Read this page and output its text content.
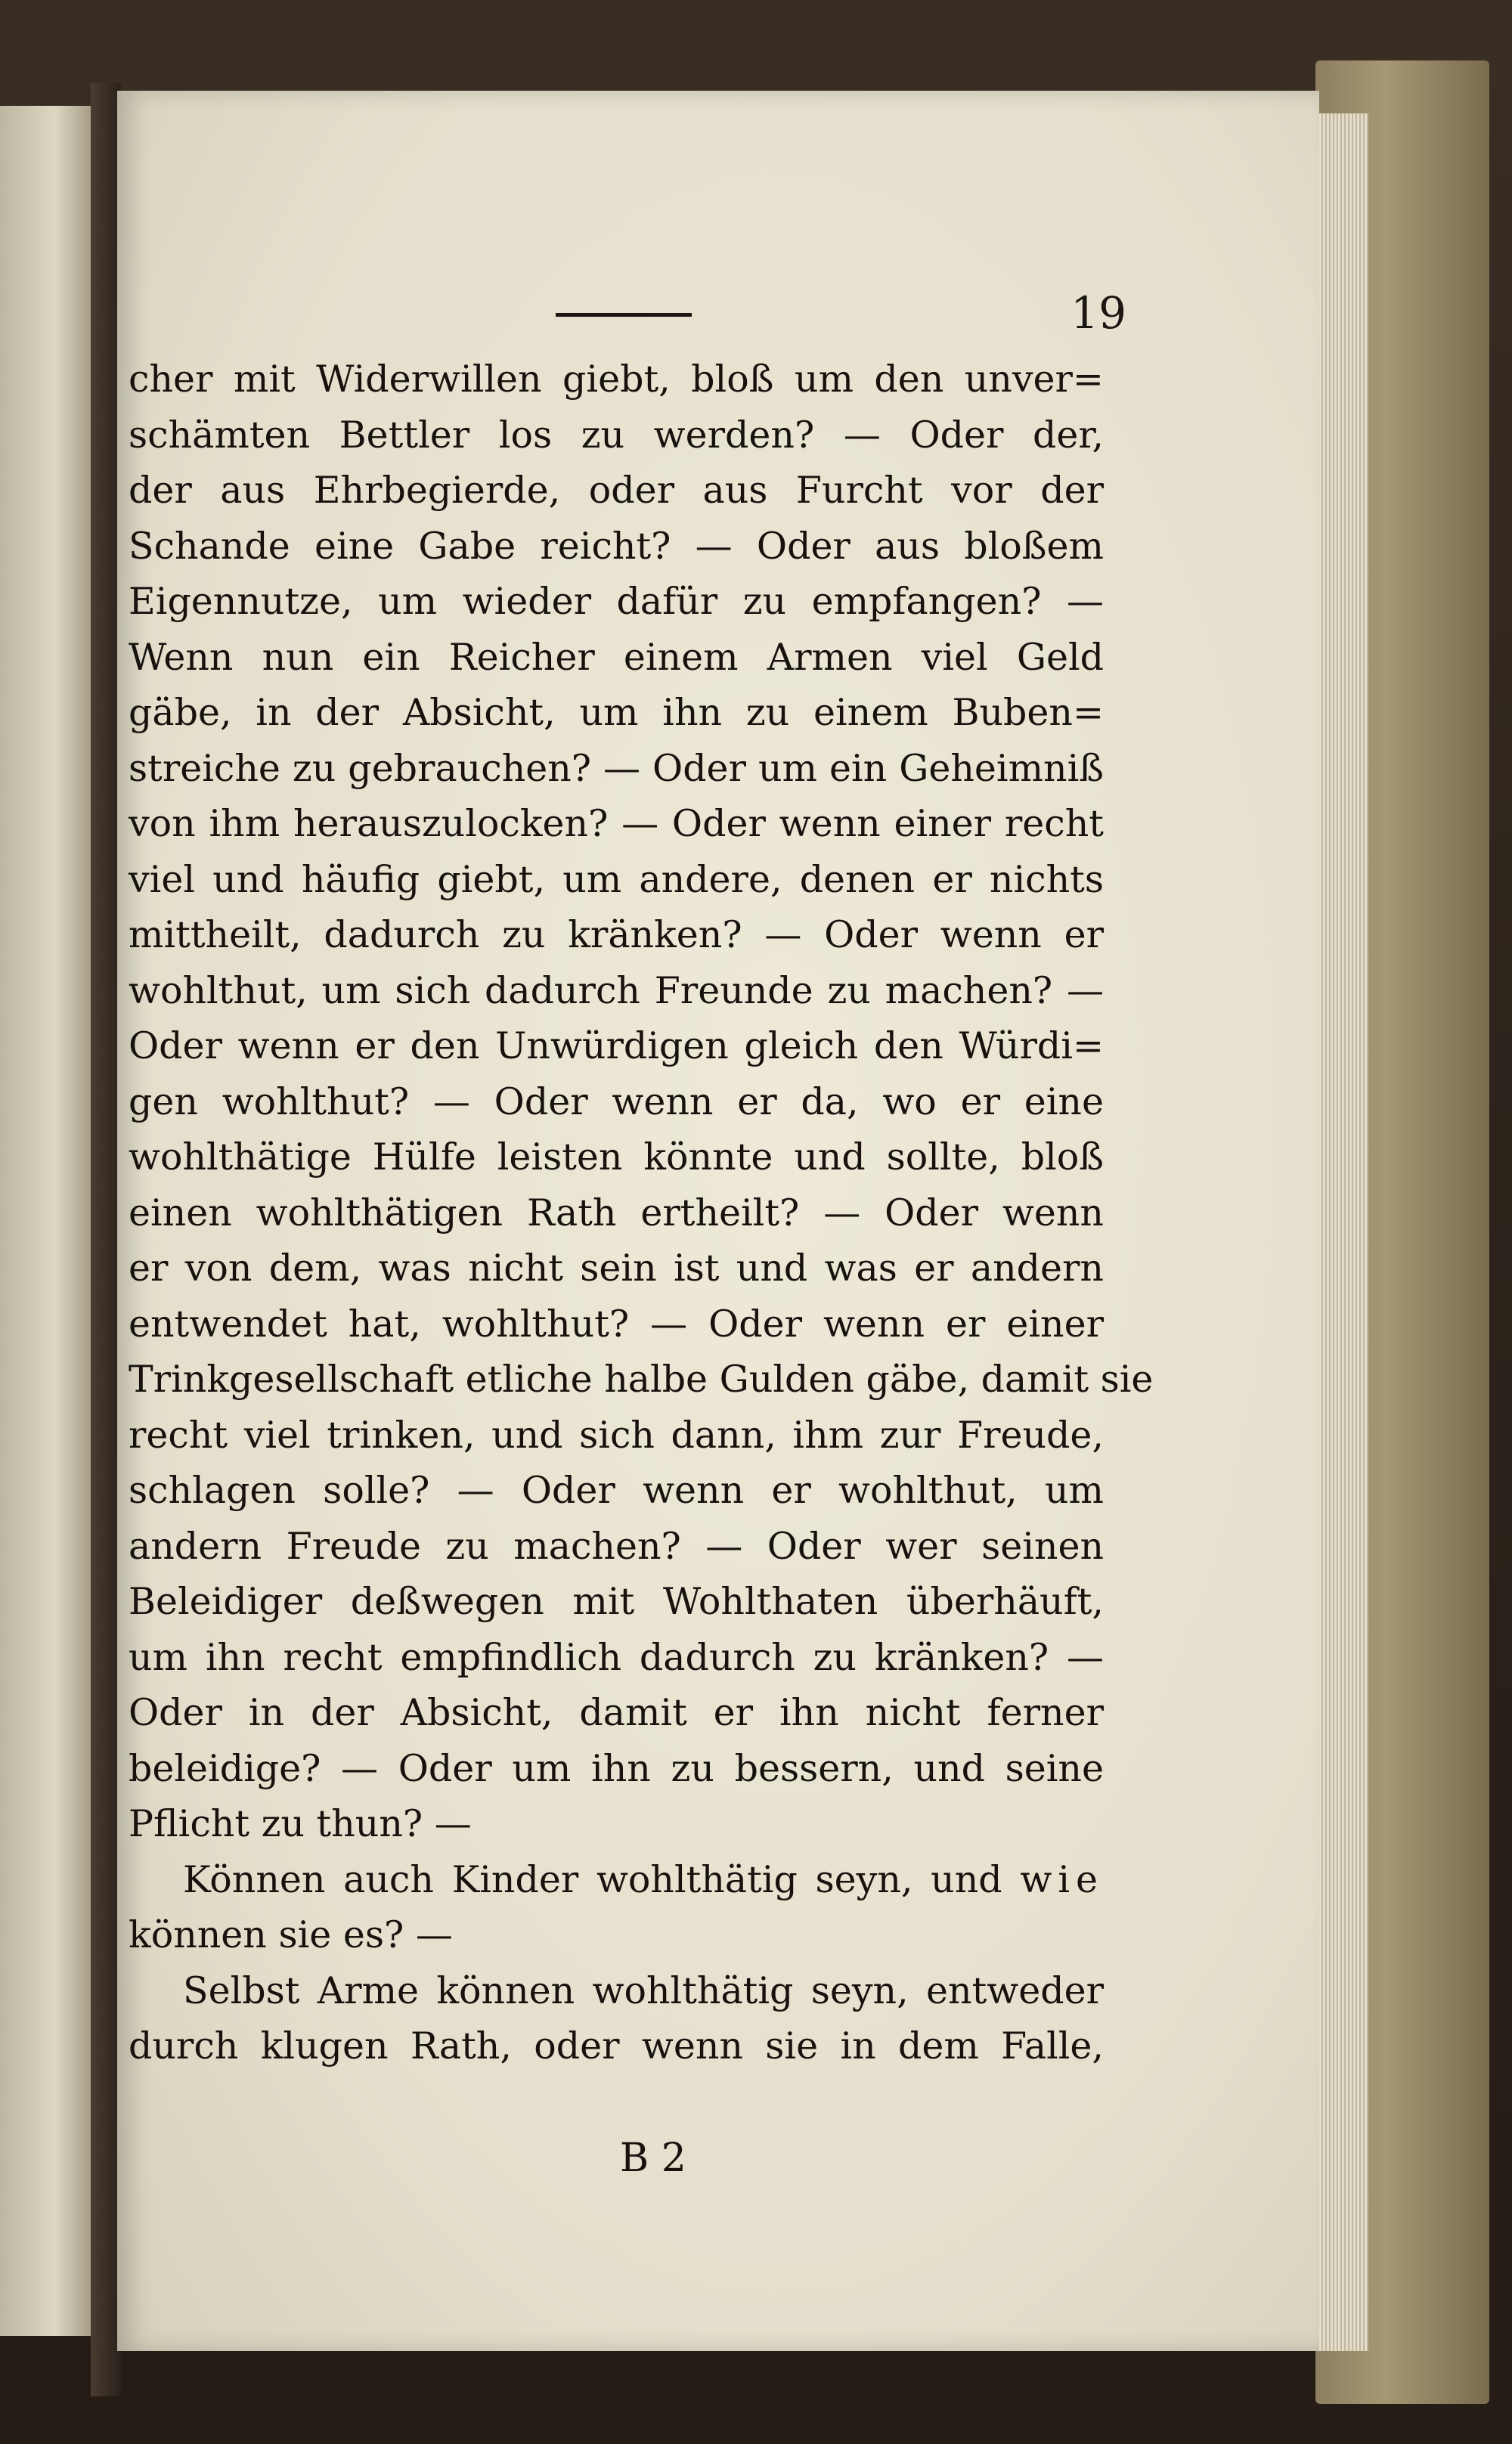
19
cher mit Widerwillen giebt, bloß um den unver=
schämten Bettler los zu werden? — Oder der,
der aus Ehrbegierde, oder aus Furcht vor der
Schande eine Gabe reicht? — Oder aus bloßem
Eigennutze, um wieder dafür zu empfangen? —
Wenn nun ein Reicher einem Armen viel Geld
gäbe, in der Absicht, um ihn zu einem Buben=
streiche zu gebrauchen? — Oder um ein Geheimniß
von ihm herauszulocken? — Oder wenn einer recht
viel und häufig giebt, um andere, denen er nichts
mittheilt, dadurch zu kränken? — Oder wenn er
wohlthut, um sich dadurch Freunde zu machen? —
Oder wenn er den Unwürdigen gleich den Würdi=
gen wohlthut? — Oder wenn er da, wo er eine
wohlthätige Hülfe leisten könnte und sollte, bloß
einen wohlthätigen Rath ertheilt? — Oder wenn
er von dem, was nicht sein ist und was er andern
entwendet hat, wohlthut? — Oder wenn er einer
Trinkgesellschaft etliche halbe Gulden gäbe, damit sie
recht viel trinken, und sich dann, ihm zur Freude,
schlagen solle? — Oder wenn er wohlthut, um
andern Freude zu machen? — Oder wer seinen
Beleidiger deßwegen mit Wohlthaten überhäuft,
um ihn recht empfindlich dadurch zu kränken? —
Oder in der Absicht, damit er ihn nicht ferner
beleidige? — Oder um ihn zu bessern, und seine
Pflicht zu thun? —
Können auch Kinder wohlthätig seyn, und wie
können sie es? —
Selbst Arme können wohlthätig seyn, entweder
durch klugen Rath, oder wenn sie in dem Falle,
B 2
